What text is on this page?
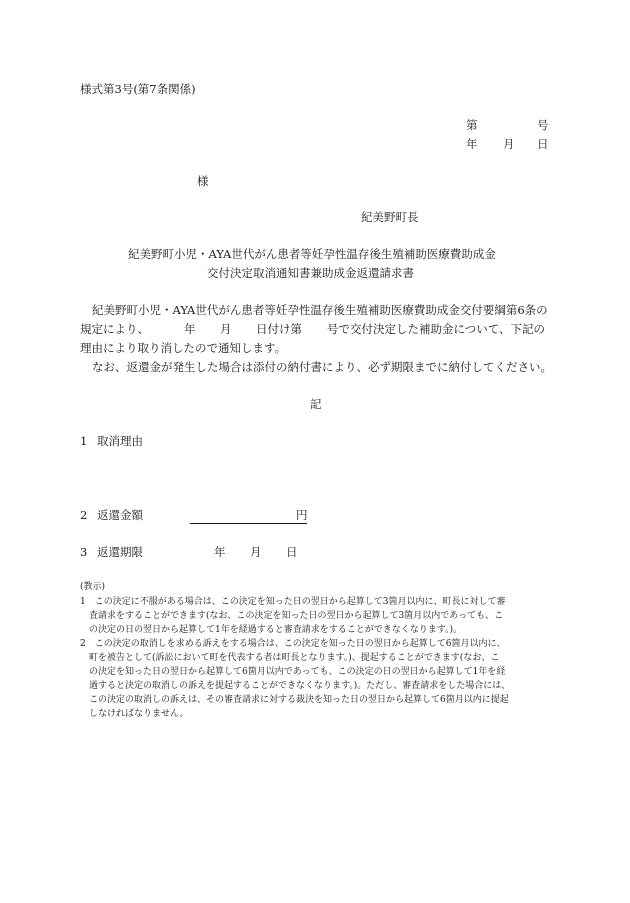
様式第3号(第7条関係)
第	号
年 月 日
様
紀美野町長
紀美野町小児・AYA世代がん患者等妊孕性温存後生殖補助医療費助成金
交付決定取消通知書兼助成金返還請求書
紀美野町小児・AYA世代がん患者等妊孕性温存後生殖補助医療費助成金交付要綱第6条の
規定により、	年 月 日付け第 号で交付決定した補助金について、下記の
理由により取り消したので通知します。
なお、返還金が発生した場合は添付の納付書により、必ず期限までに納付してください。
記
1 取消理由
2 返還金額	円
3 返還期限	年 月 日
(教示)
1　この決定に不服がある場合は、この決定を知った日の翌日から起算して3箇月以内に、町長に対して審
査請求をすることができます(なお、この決定を知った日の翌日から起算して3箇月以内であっても、こ
の決定の日の翌日から起算して1年を経過すると審査請求をすることができなくなります。)。
2　この決定の取消しを求める訴えをする場合は、この決定を知った日の翌日から起算して6箇月以内に、
町を被告として(訴訟において町を代表する者は町長となります。)、提起することができます(なお、こ
の決定を知った日の翌日から起算して6箇月以内であっても、この決定の日の翌日から起算して1年を経
過すると決定の取消しの訴えを提起することができなくなります。)。ただし、審査請求をした場合には、
この決定の取消しの訴えは、その審査請求に対する裁決を知った日の翌日から起算して6箇月以内に提起
しなければなりません。
